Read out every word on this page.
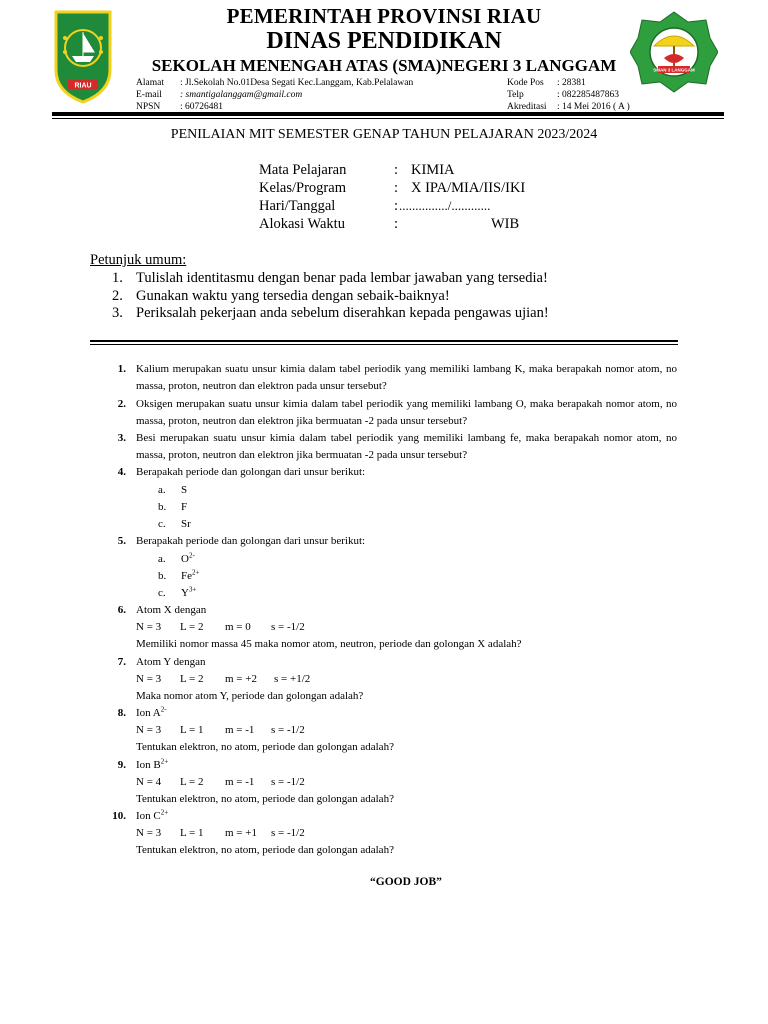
RIAU
SMAN 3 LANGGAM
PEMERINTAH PROVINSI RIAU
DINAS PENDIDIKAN
SEKOLAH MENENGAH ATAS (SMA)NEGERI 3 LANGGAM
Alamat : Jl.Sekolah No.01Desa Segati Kec.Langgam, Kab.Pelalawan
E-mail : smantigalanggam@gmail.com
NPSN : 60726481
Kode Pos : 28381
Telp	: 082285487863
Akreditasi : 14 Mei 2016 ( A )
PENILAIAN MIT SEMESTER GENAP TAHUN PELAJARAN 2023/2024
Mata Pelajaran	: KIMIA
Kelas/Program	: X IPA/MIA/IIS/IKI
Hari/Tanggal	: .............../............
Alokasi Waktu	:	WIB
Petunjuk umum:
1. Tulislah identitasmu dengan benar pada lembar jawaban yang tersedia!
2. Gunakan waktu yang tersedia dengan sebaik-baiknya!
3. Periksalah pekerjaan anda sebelum diserahkan kepada pengawas ujian!
1. Kalium merupakan suatu unsur kimia dalam tabel periodik yang memiliki lambang K, maka berapakah nomor atom, no massa, proton, neutron dan elektron pada unsur tersebut?
2. Oksigen merupakan suatu unsur kimia dalam tabel periodik yang memiliki lambang O, maka berapakah nomor atom, no massa, proton, neutron dan elektron jika bermuatan -2 pada unsur tersebut?
3. Besi merupakan suatu unsur kimia dalam tabel periodik yang memiliki lambang fe, maka berapakah nomor atom, no massa, proton, neutron dan elektron jika bermuatan -2 pada unsur tersebut?
4. Berapakah periode dan golongan dari unsur berikut:
a. S
b. F
c. Sr
5. Berapakah periode dan golongan dari unsur berikut:
a. $O^{2-}$
b. $Fe^{2+}$
c. $Y^{3+}$
6. Atom X dengan
N = 3 L = 2 m = 0 s = -1/2
Memiliki nomor massa 45 maka nomor atom, neutron, periode dan golongan X adalah?
7. Atom Y dengan
N = 3 L = 2 m = +2 s = +1/2
Maka nomor atom Y, periode dan golongan adalah?
8. Ion $A^{2-}$
N = 3 L = 1 m = -1 s = -1/2
Tentukan elektron, no atom, periode dan golongan adalah?
9. Ion $B^{2+}$
N = 4 L = 2 m = -1 s = -1/2
Tentukan elektron, no atom, periode dan golongan adalah?
10. Ion $C^{2+}$
N = 3 L = 1 m = +1 s = -1/2
Tentukan elektron, no atom, periode dan golongan adalah?
“GOOD JOB”
